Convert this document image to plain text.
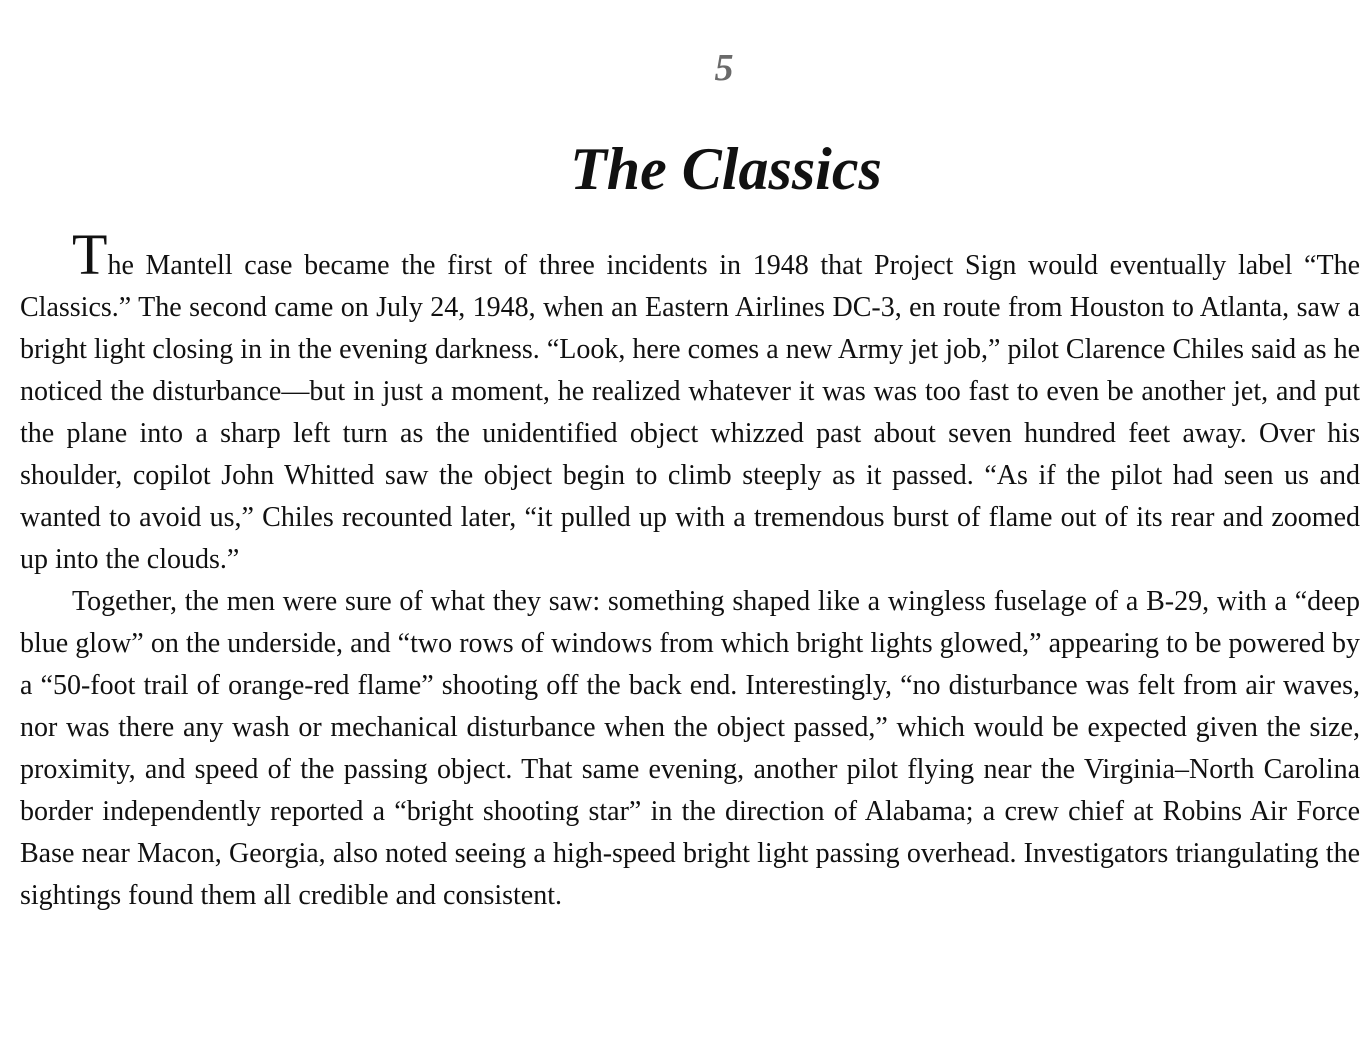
5
The Classics

The Mantell case became the first of three incidents in 1948 that Project Sign would eventually label “The Classics.” The second came on July 24, 1948, when an Eastern Airlines DC-3, en route from Houston to Atlanta, saw a bright light closing in in the evening darkness. “Look, here comes a new Army jet job,” pilot Clarence Chiles said as he noticed the disturbance—but in just a moment, he realized whatever it was was too fast to even be another jet, and put the plane into a sharp left turn as the unidentified object whizzed past about seven hundred feet away. Over his shoulder, copilot John Whitted saw the object begin to climb steeply as it passed. “As if the pilot had seen us and wanted to avoid us,” Chiles recounted later, “it pulled up with a tremendous burst of flame out of its rear and zoomed up into the clouds.”

Together, the men were sure of what they saw: something shaped like a wingless fuselage of a B-29, with a “deep blue glow” on the underside, and “two rows of windows from which bright lights glowed,” appearing to be powered by a “50-foot trail of orange-red flame” shooting off the back end. Interestingly, “no disturbance was felt from air waves, nor was there any wash or mechanical disturbance when the object passed,” which would be expected given the size, proximity, and speed of the passing object. That same evening, another pilot flying near the Virginia–North Carolina border independently reported a “bright shooting star” in the direction of Alabama; a crew chief at Robins Air Force Base near Macon, Georgia, also noted seeing a high-speed bright light passing overhead. Investigators triangulating the sightings found them all credible and consistent.
